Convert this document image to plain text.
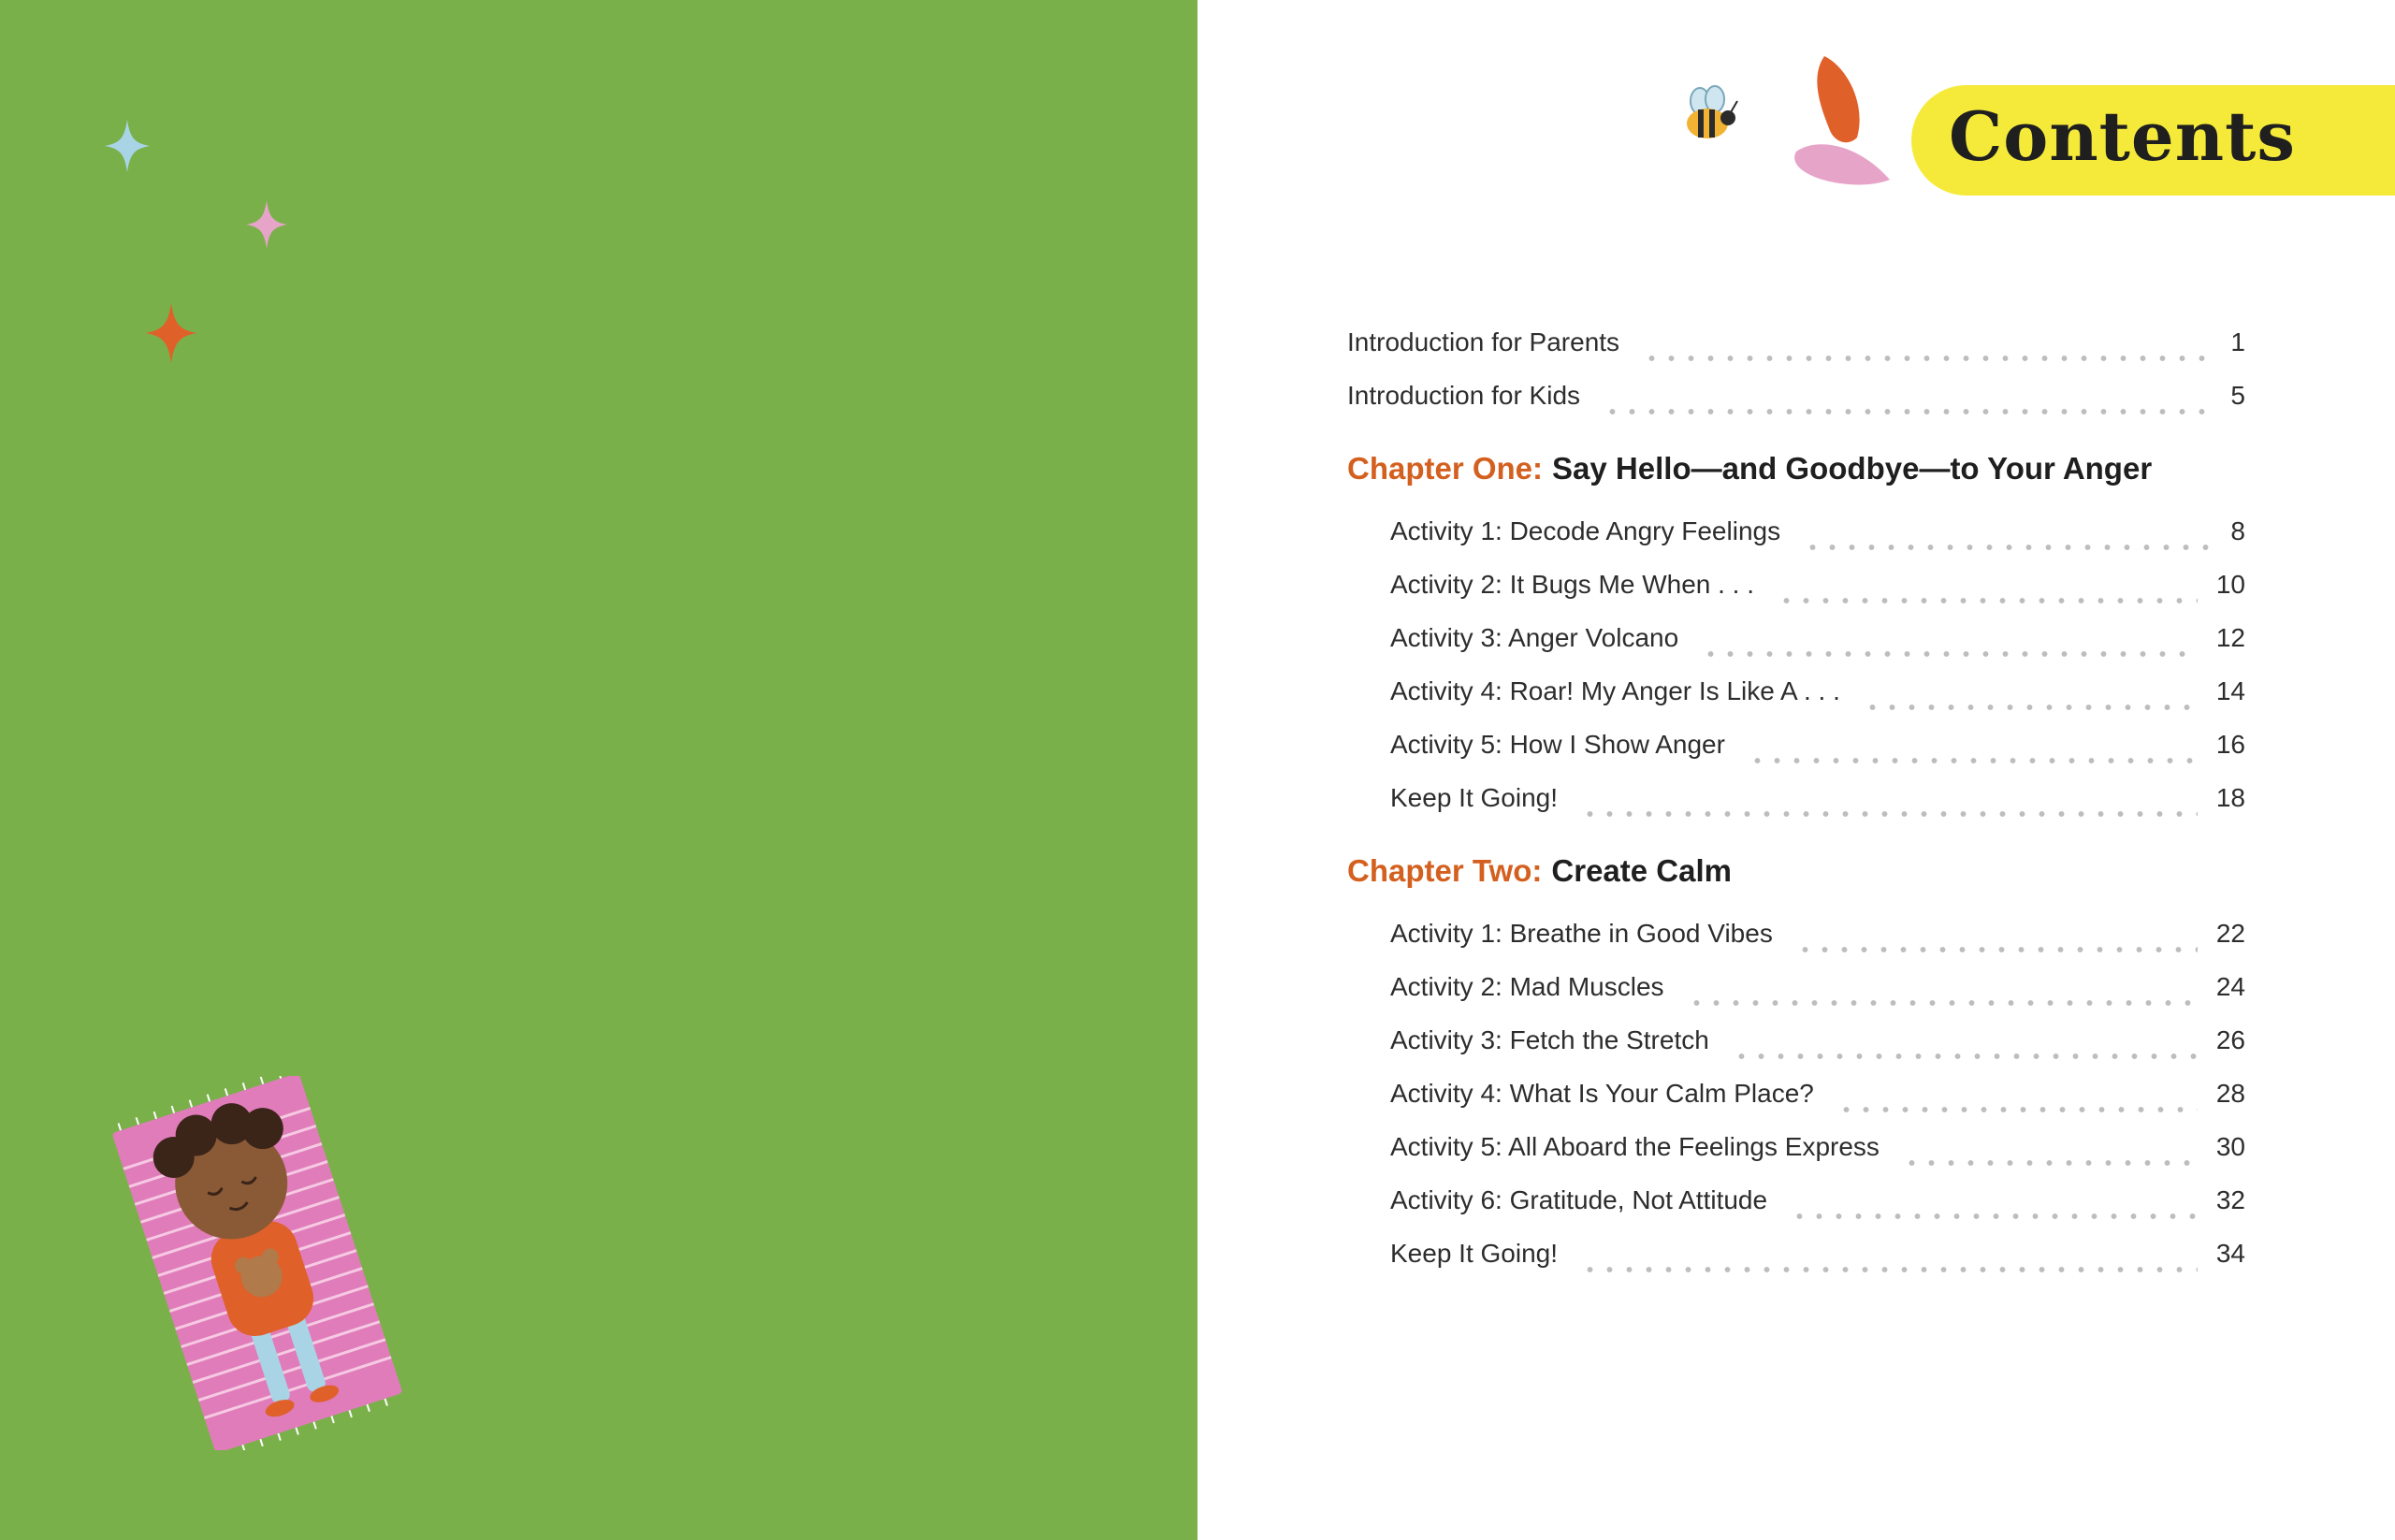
Contents
Introduction for Parents	1
Introduction for Kids	5
Chapter One: Say Hello—and Goodbye—to Your Anger
Activity 1: Decode Angry Feelings	8
Activity 2: It Bugs Me When . . .	10
Activity 3: Anger Volcano	12
Activity 4: Roar! My Anger Is Like A . . .	14
Activity 5: How I Show Anger	16
Keep It Going!	18
Chapter Two: Create Calm
Activity 1: Breathe in Good Vibes	22
Activity 2: Mad Muscles	24
Activity 3: Fetch the Stretch	26
Activity 4: What Is Your Calm Place?	28
Activity 5: All Aboard the Feelings Express	30
Activity 6: Gratitude, Not Attitude	32
Keep It Going!	34
